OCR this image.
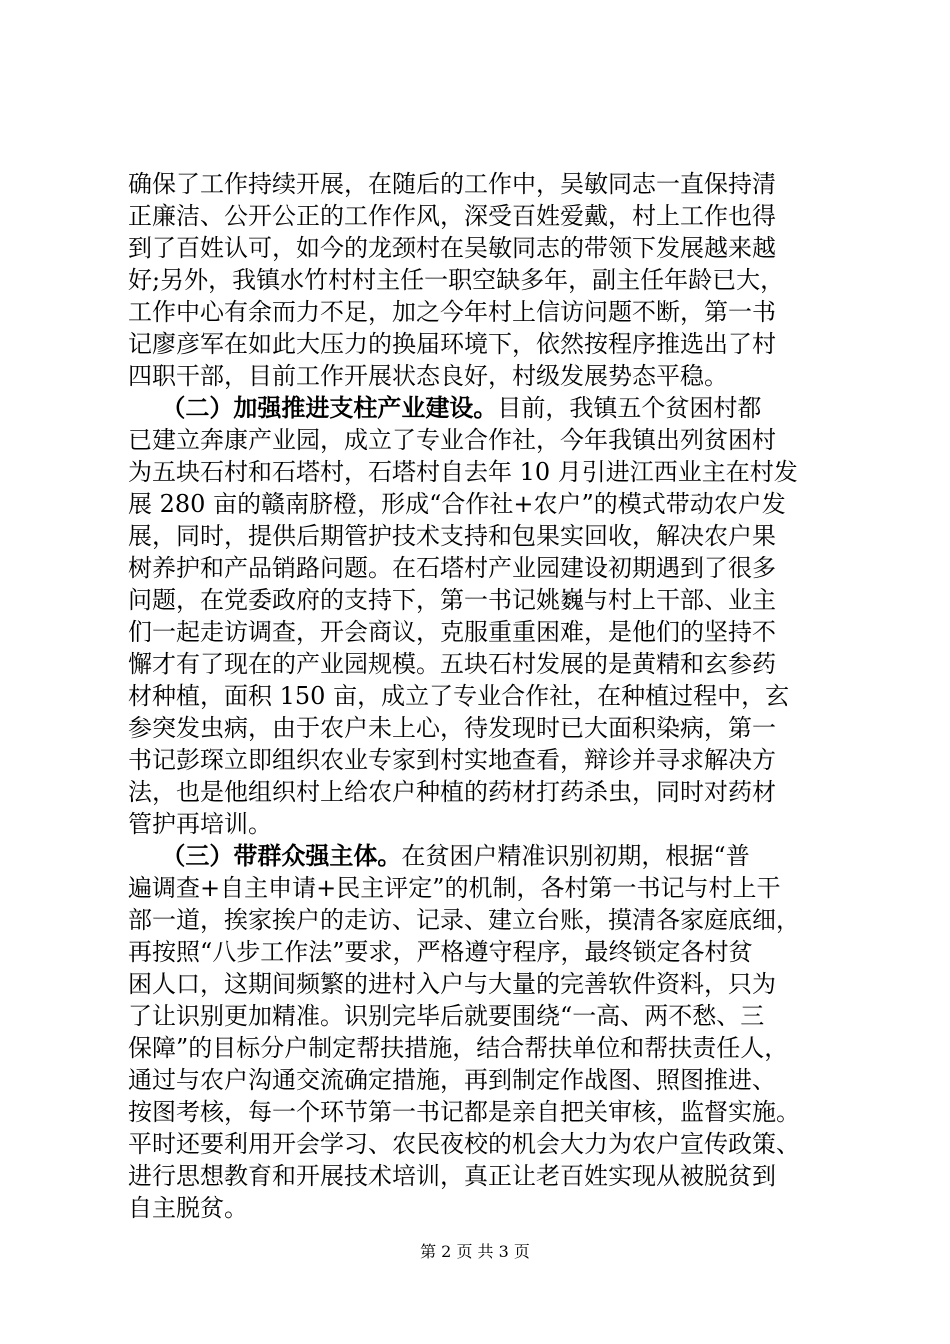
确保了工作持续开展，在随后的工作中，吴敏同志一直保持清
正廉洁、公开公正的工作作风，深受百姓爱戴，村上工作也得
到了百姓认可，如今的龙颈村在吴敏同志的带领下发展越来越
好;另外，我镇水竹村村主任一职空缺多年，副主任年龄已大，
工作中心有余而力不足，加之今年村上信访问题不断，第一书
记廖彦军在如此大压力的换届环境下，依然按程序推选出了村
四职干部，目前工作开展状态良好，村级发展势态平稳。
（二）加强推进支柱产业建设。目前，我镇五个贫困村都
已建立奔康产业园，成立了专业合作社，今年我镇出列贫困村
为五块石村和石塔村，石塔村自去年 10 月引进江西业主在村发
展 280 亩的赣南脐橙，形成“合作社+农户”的模式带动农户发
展，同时，提供后期管护技术支持和包果实回收，解决农户果
树养护和产品销路问题。在石塔村产业园建设初期遇到了很多
问题，在党委政府的支持下，第一书记姚巍与村上干部、业主
们一起走访调查，开会商议，克服重重困难，是他们的坚持不
懈才有了现在的产业园规模。五块石村发展的是黄精和玄参药
材种植，面积 150 亩，成立了专业合作社，在种植过程中，玄
参突发虫病，由于农户未上心，待发现时已大面积染病，第一
书记彭琛立即组织农业专家到村实地查看，辩诊并寻求解决方
法，也是他组织村上给农户种植的药材打药杀虫，同时对药材
管护再培训。
（三）带群众强主体。在贫困户精准识别初期，根据“普
遍调查+自主申请+民主评定”的机制，各村第一书记与村上干
部一道，挨家挨户的走访、记录、建立台账，摸清各家庭底细，
再按照“八步工作法”要求，严格遵守程序，最终锁定各村贫
困人口，这期间频繁的进村入户与大量的完善软件资料，只为
了让识别更加精准。识别完毕后就要围绕“一高、两不愁、三
保障”的目标分户制定帮扶措施，结合帮扶单位和帮扶责任人，
通过与农户沟通交流确定措施，再到制定作战图、照图推进、
按图考核，每一个环节第一书记都是亲自把关审核，监督实施。
平时还要利用开会学习、农民夜校的机会大力为农户宣传政策、
进行思想教育和开展技术培训，真正让老百姓实现从被脱贫到
自主脱贫。
第 2 页 共 3 页
